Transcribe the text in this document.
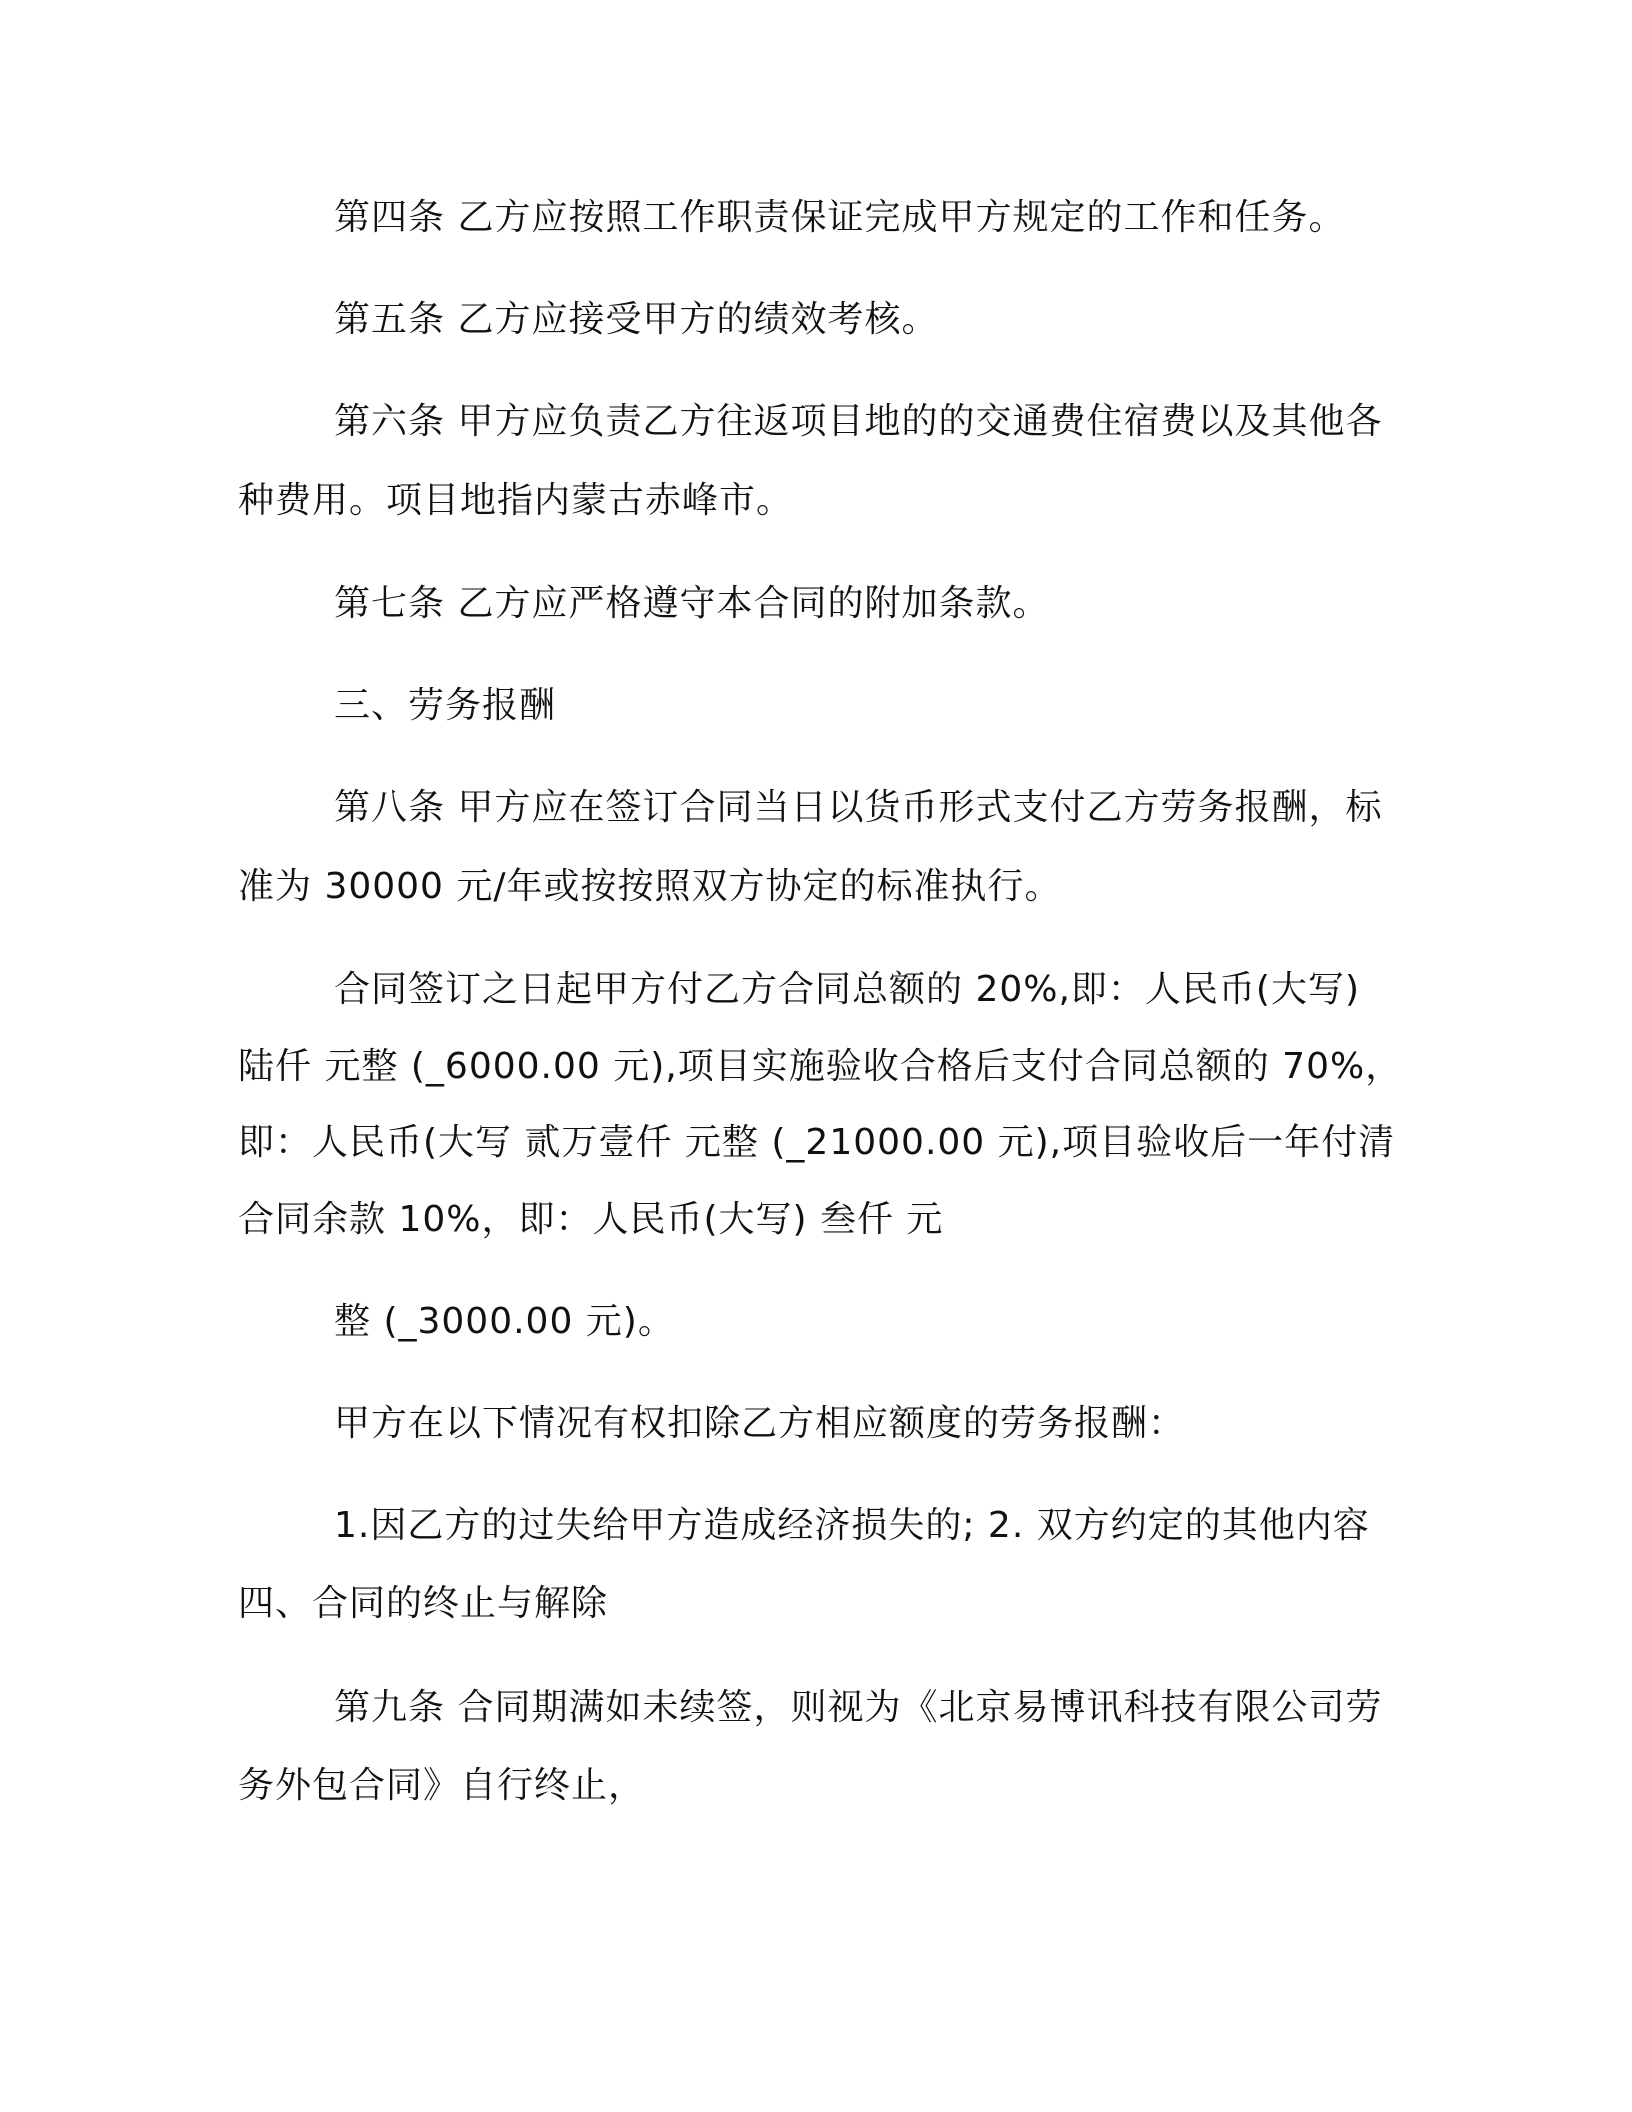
第四条 乙方应按照工作职责保证完成甲方规定的工作和任务。
第五条 乙方应接受甲方的绩效考核。
第六条 甲方应负责乙方往返项目地的的交通费住宿费以及其他各
种费用。项目地指内蒙古赤峰市。
第七条 乙方应严格遵守本合同的附加条款。
三、劳务报酬
第八条 甲方应在签订合同当日以货币形式支付乙方劳务报酬，标
准为 30000 元/年或按按照双方协定的标准执行。
合同签订之日起甲方付乙方合同总额的 20%,即：人民币(大写)
陆仟 元整 (_6000.00 元),项目实施验收合格后支付合同总额的 70%，
即：人民币(大写 贰万壹仟 元整 (_21000.00 元),项目验收后一年付清
合同余款 10%，即：人民币(大写) 叁仟 元
整 (_3000.00 元)。
甲方在以下情况有权扣除乙方相应额度的劳务报酬：
1.因乙方的过失给甲方造成经济损失的; 2. 双方约定的其他内容
四、合同的终止与解除
第九条 合同期满如未续签，则视为《北京易博讯科技有限公司劳
务外包合同》自行终止，
